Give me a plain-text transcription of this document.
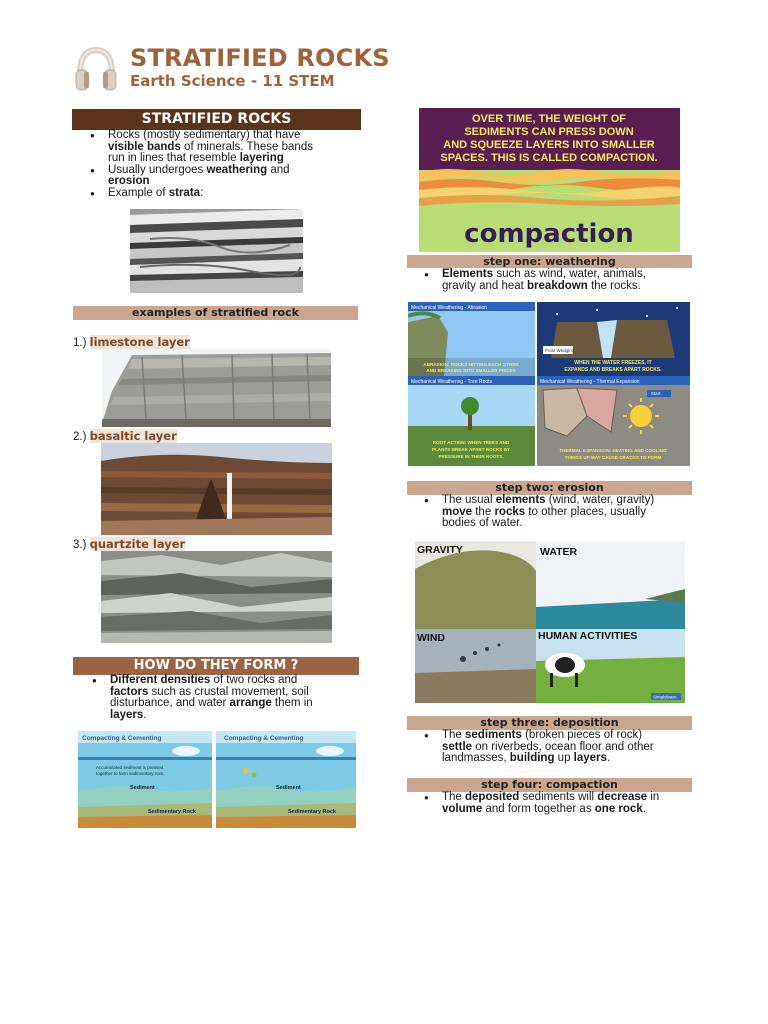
STRATIFIED ROCKS
Earth Science - 11 STEM
STRATIFIED ROCKS
● Rocks (mostly sedimentary) that have
visible bands of minerals. These bands
run in lines that resemble layering
● Usually undergoes weathering and
erosion
● Example of strata:
examples of stratified rock
1.) limestone layer
2.) basaltic layer
3.) quartzite layer
HOW DO THEY FORM ?
● Different densities of two rocks and
factors such as crustal movement, soil
disturbance, and water arrange them in
layers.
Compacting & Cementing
Accumulated sediment is pressed
together to form sedimentary rock.
Sediment
Sedimentary Rock
Compacting & Cementing
Sediment
Sedimentary Rock
OVER TIME, THE WEIGHT OF
SEDIMENTS CAN PRESS DOWN
AND SQUEEZE LAYERS INTO SMALLER
SPACES. THIS IS CALLED COMPACTION.
compaction
step one: weathering
● Elements such as wind, water, animals,
gravity and heat breakdown the rocks.
Mechanical Weathering - Abrasion
ABRASION: ROCKS HITTING EACH OTHER
AND BREAKING INTO SMALLER PIECES
Frost Wedging
WHEN THE WATER FREEZES, IT
EXPANDS AND BREAKS APART ROCKS.
Mechanical Weathering - Tree Roots
ROOT ACTION: WHEN TREES AND
PLANTS BREAK APART ROCKS BY
PRESSURE IN THEIR ROOTS.
Mechanical Weathering - Thermal Expansion
Start
THERMAL EXPANSION: HEATING AND COOLING
THINGS UP MAY CAUSE CRACKS TO FORM
step two: erosion
● The usual elements (wind, water, gravity)
move the rocks to other places, usually
bodies of water.
GRAVITY	WATER
WIND
Simplylearn
HUMAN ACTIVITIES
step three: deposition
● The sediments (broken pieces of rock)
settle on riverbeds, ocean floor and other
landmasses, building up layers.
step four: compaction
● The deposited sediments will decrease in
volume and form together as one rock.
